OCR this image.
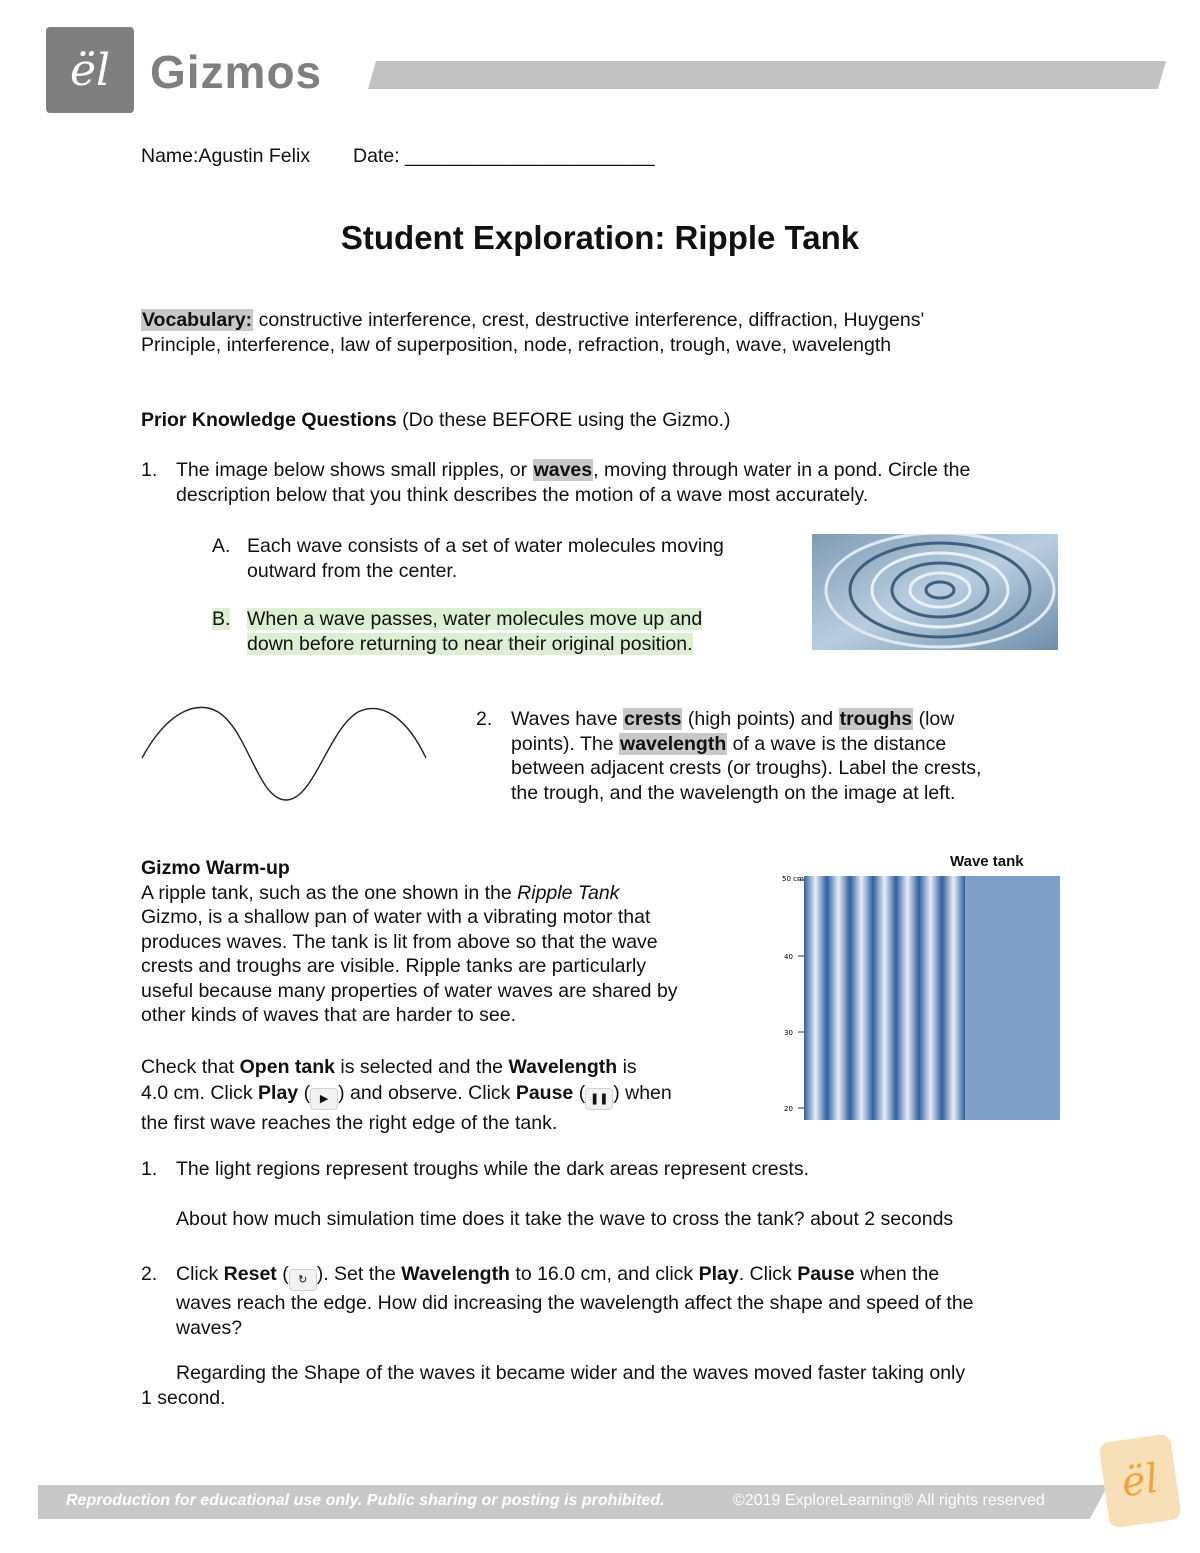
ël Gizmos
Name:Agustin Felix Date: _______________________
Student Exploration: Ripple Tank
Vocabulary: constructive interference, crest, destructive interference, diffraction, Huygens'
Principle, interference, law of superposition, node, refraction, trough, wave, wavelength
Prior Knowledge Questions (Do these BEFORE using the Gizmo.)
1. The image below shows small ripples, or waves, moving through water in a pond. Circle the
description below that you think describes the motion of a wave most accurately.
A. Each wave consists of a set of water molecules moving
outward from the center.
B. When a wave passes, water molecules move up and
down before returning to near their original position.
2. Waves have crests (high points) and troughs (low
points). The wavelength of a wave is the distance
between adjacent crests (or troughs). Label the crests,
the trough, and the wavelength on the image at left.
Gizmo Warm-up
A ripple tank, such as the one shown in the Ripple Tank
Gizmo, is a shallow pan of water with a vibrating motor that
produces waves. The tank is lit from above so that the wave
crests and troughs are visible. Ripple tanks are particularly
useful because many properties of water waves are shared by
other kinds of waves that are harder to see.
Check that Open tank is selected and the Wavelength is
4.0 cm. Click Play ( ▶ ) and observe. Click Pause ( ❚❚ ) when
the first wave reaches the right edge of the tank.
Wave tank
50 cm
40
30
20
1. The light regions represent troughs while the dark areas represent crests.
About how much simulation time does it take the wave to cross the tank? about 2 seconds
2. Click Reset ( ↻ ). Set the Wavelength to 16.0 cm, and click Play. Click Pause when the
waves reach the edge. How did increasing the wavelength affect the shape and speed of the
waves?
Regarding the Shape of the waves it became wider and the waves moved faster taking only
1 second.
Reproduction for educational use only. Public sharing or posting is prohibited.	©2019 ExploreLearning® All rights reserved ël
